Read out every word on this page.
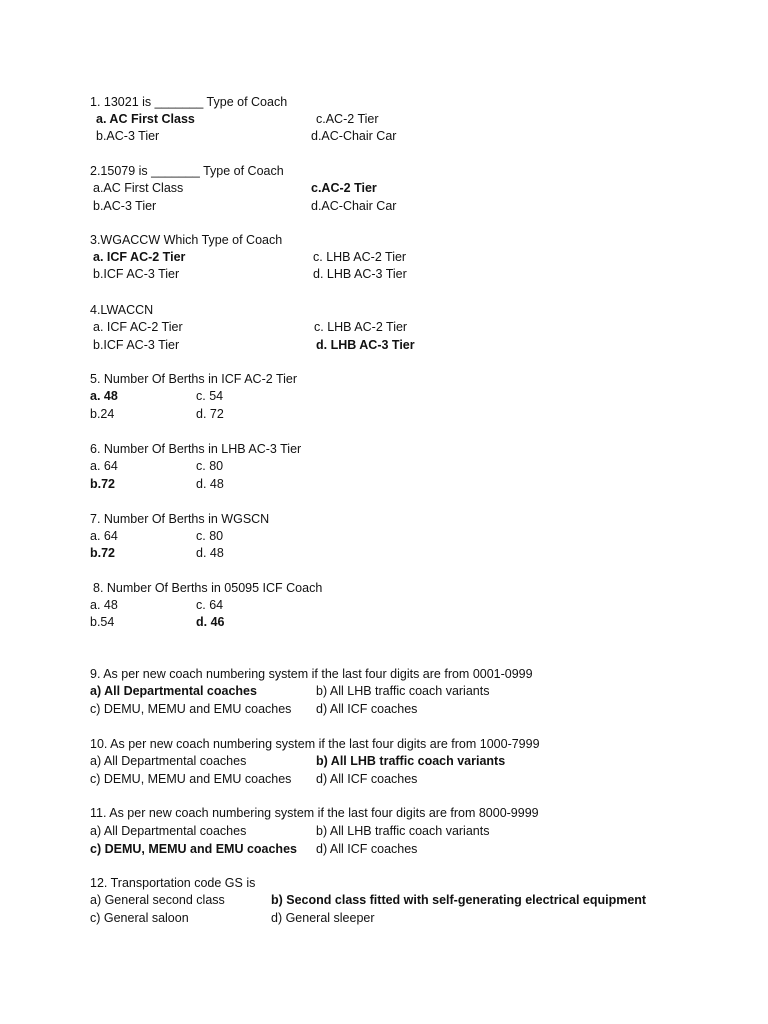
1. 13021 is _______ Type of Coach
a. AC First Class	c.AC-2 Tier
b.AC-3 Tier	d.AC-Chair Car
2.15079 is _______ Type of Coach
a.AC First Class	c.AC-2 Tier
b.AC-3 Tier	d.AC-Chair Car
3.WGACCW Which Type of Coach
a. ICF AC-2 Tier	c. LHB AC-2 Tier
b.ICF AC-3 Tier	d. LHB AC-3 Tier
4.LWACCN
a. ICF AC-2 Tier	c. LHB AC-2 Tier
b.ICF AC-3 Tier	d. LHB AC-3 Tier
5. Number Of Berths in ICF AC-2 Tier
a. 48	c. 54
b.24	d. 72
6. Number Of Berths in LHB AC-3 Tier
a. 64	c. 80
b.72	d. 48
7. Number Of Berths in WGSCN
a. 64	c. 80
b.72	d. 48
8. Number Of Berths in 05095 ICF Coach
a. 48	c. 64
b.54	d. 46
9. As per new coach numbering system if the last four digits are from 0001-0999
a) All Departmental coaches	b) All LHB traffic coach variants
c) DEMU, MEMU and EMU coaches d) All ICF coaches
10. As per new coach numbering system if the last four digits are from 1000-7999
a) All Departmental coaches	b) All LHB traffic coach variants
c) DEMU, MEMU and EMU coaches d) All ICF coaches
11. As per new coach numbering system if the last four digits are from 8000-9999
a) All Departmental coaches	b) All LHB traffic coach variants
c) DEMU, MEMU and EMU coaches d) All ICF coaches
12. Transportation code GS is
a) General second class	b) Second class fitted with self-generating electrical equipment
c) General saloon	d) General sleeper
